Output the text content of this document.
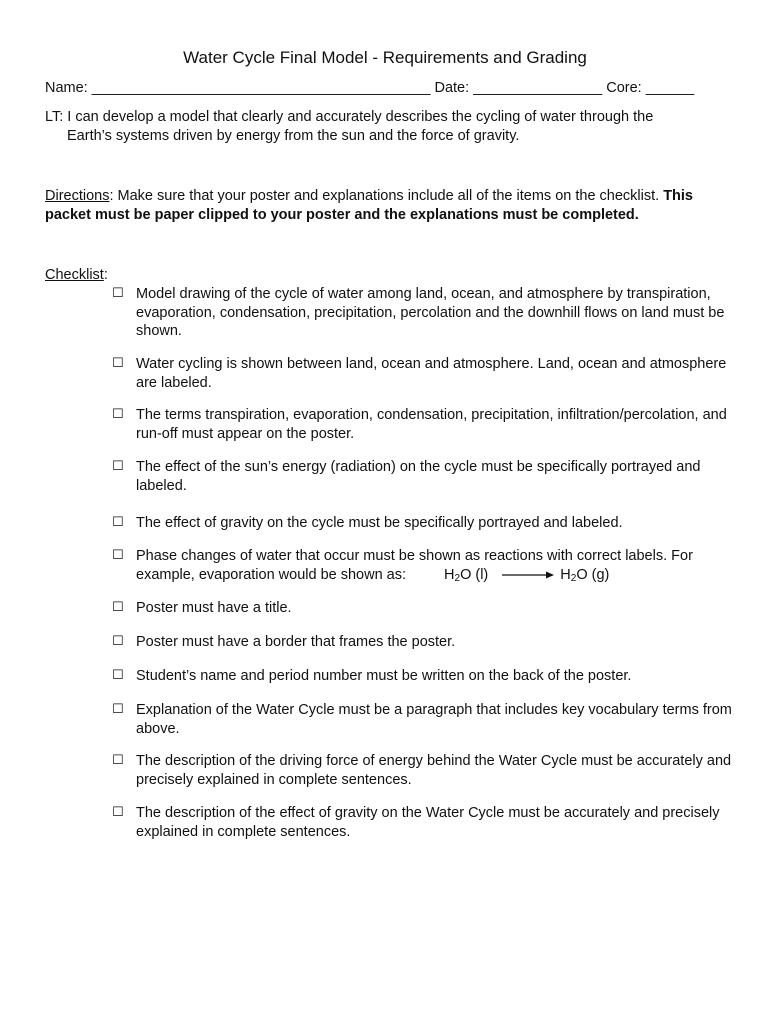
Water Cycle Final Model - Requirements and Grading
Name: __________________________________________ Date: ________________ Core: ______
LT: I can develop a model that clearly and accurately describes the cycling of water through the
Earth’s systems driven by energy from the sun and the force of gravity.
Directions: Make sure that your poster and explanations include all of the items on the checklist. This packet must be paper clipped to your poster and the explanations must be completed.
Checklist:
☐ Model drawing of the cycle of water among land, ocean, and atmosphere by transpiration, evaporation, condensation, precipitation, percolation and the downhill flows on land must be shown.
☐ Water cycling is shown between land, ocean and atmosphere. Land, ocean and atmosphere are labeled.
☐ The terms transpiration, evaporation, condensation, precipitation, infiltration/percolation, and run-off must appear on the poster.
☐ The effect of the sun’s energy (radiation) on the cycle must be specifically portrayed and labeled.
☐ The effect of gravity on the cycle must be specifically portrayed and labeled.
☐ Phase changes of water that occur must be shown as reactions with correct labels. For example, evaporation would be shown as:	$H_2O$ $(l) \to H_2O$ (g)
☐ Poster must have a title.
☐ Poster must have a border that frames the poster.
☐ Student’s name and period number must be written on the back of the poster.
☐ Explanation of the Water Cycle must be a paragraph that includes key vocabulary terms from above.
☐ The description of the driving force of energy behind the Water Cycle must be accurately and precisely explained in complete sentences.
☐ The description of the effect of gravity on the Water Cycle must be accurately and precisely explained in complete sentences.
